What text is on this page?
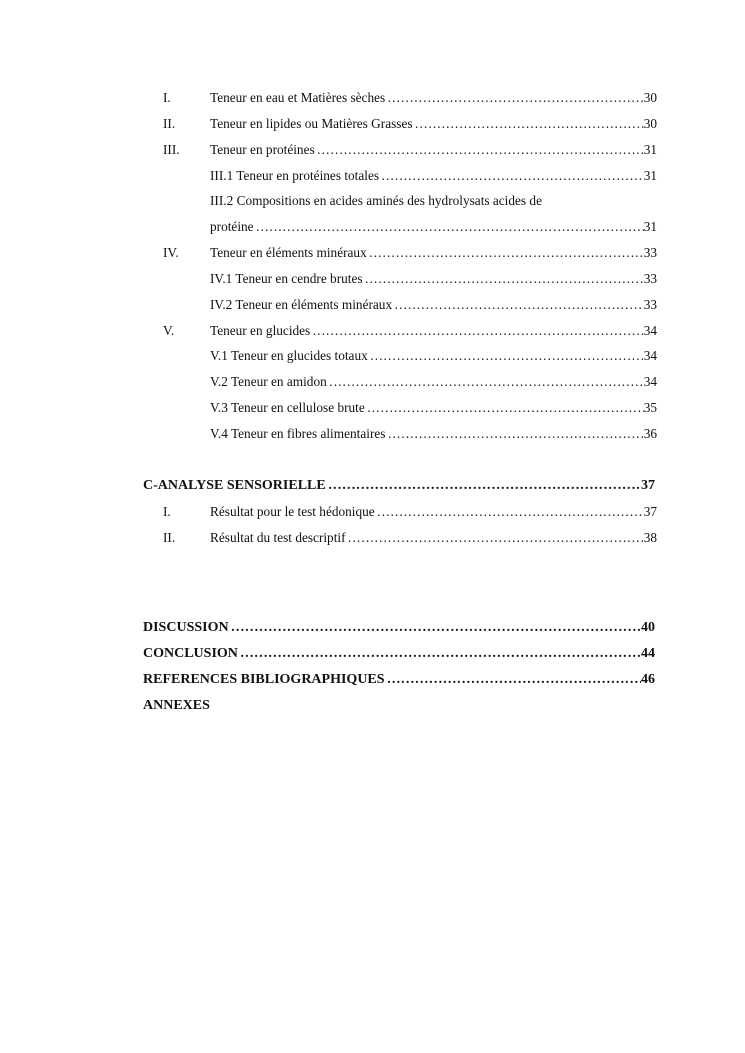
I.	Teneur en eau et Matières sèches ……………………………………………………………………………………………………………………………………………………	30
II.	Teneur en lipides ou Matières Grasses ……………………………………………………………………………………………………………………………………………………	30
III. Teneur en protéines ……………………………………………………………………………………………………………………………………………………	31
III.1 Teneur en protéines totales ……………………………………………………………………………………………………………………………………………………	31
III.2 Compositions en acides aminés des hydrolysats acides de
protéine ……………………………………………………………………………………………………………………………………………………	31
IV. Teneur en éléments minéraux ……………………………………………………………………………………………………………………………………………………	33
IV.1 Teneur en cendre brutes ……………………………………………………………………………………………………………………………………………………	33
IV.2 Teneur en éléments minéraux ……………………………………………………………………………………………………………………………………………………	33
V.	Teneur en glucides ……………………………………………………………………………………………………………………………………………………	34
V.1 Teneur en glucides totaux ……………………………………………………………………………………………………………………………………………………	34
V.2 Teneur en amidon ……………………………………………………………………………………………………………………………………………………	34
V.3 Teneur en cellulose brute ……………………………………………………………………………………………………………………………………………………	35
V.4 Teneur en fibres alimentaires ……………………………………………………………………………………………………………………………………………………	36
C-ANALYSE SENSORIELLE ……………………………………………………………………………………………………………………………………………………	37
I.	Résultat pour le test hédonique ……………………………………………………………………………………………………………………………………………………	37
II.	Résultat du test descriptif ……………………………………………………………………………………………………………………………………………………	38
DISCUSSION ……………………………………………………………………………………………………………………………………………………	40
CONCLUSION ……………………………………………………………………………………………………………………………………………………	44
REFERENCES BIBLIOGRAPHIQUES ……………………………………………………………………………………………………………………………………………………	46
ANNEXES
